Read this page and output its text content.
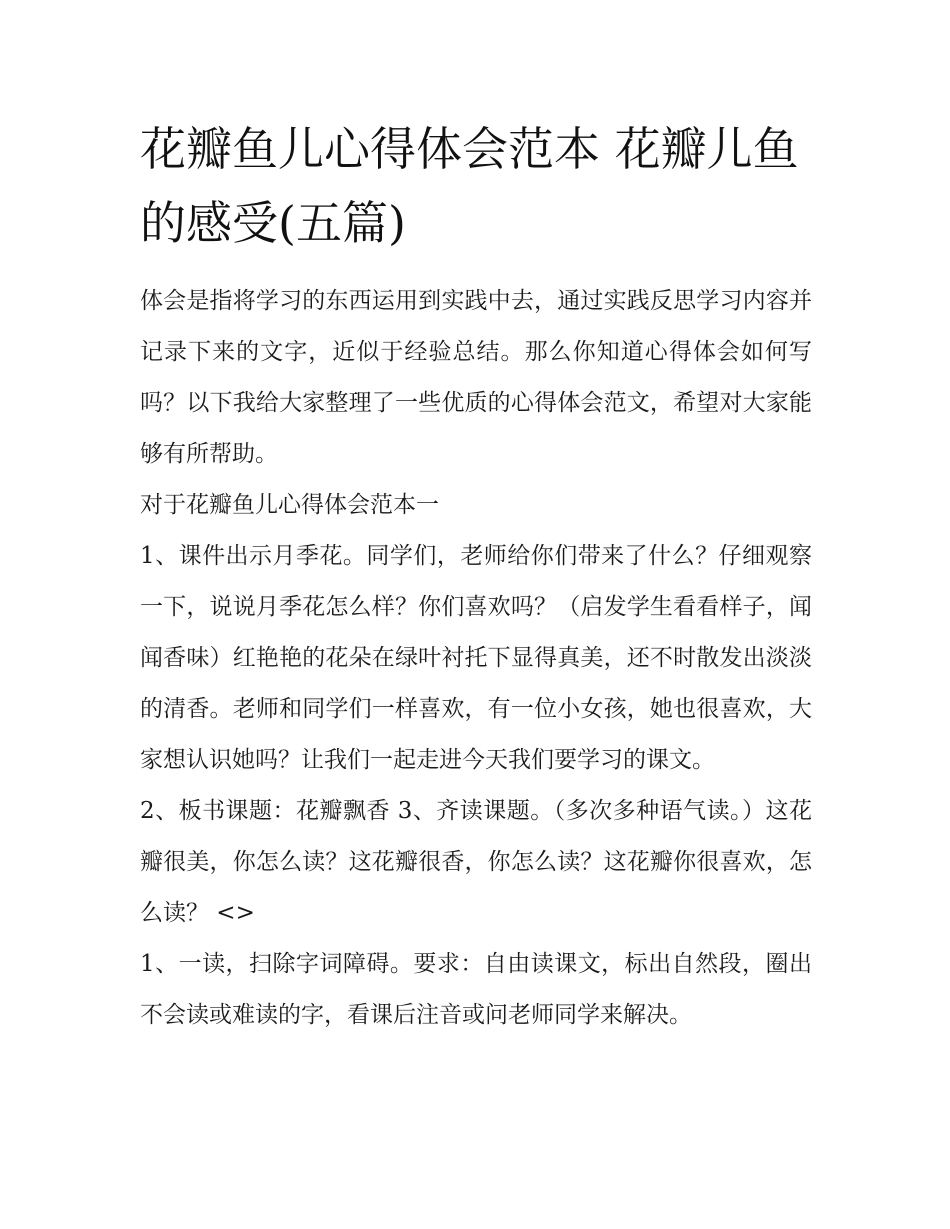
花瓣鱼儿心得体会范本 花瓣儿鱼的感受(五篇)

体会是指将学习的东西运用到实践中去，通过实践反思学习内容并记录下来的文字，近似于经验总结。那么你知道心得体会如何写吗？以下我给大家整理了一些优质的心得体会范文，希望对大家能够有所帮助。

对于花瓣鱼儿心得体会范本一

1、课件出示月季花。同学们，老师给你们带来了什么？仔细观察一下，说说月季花怎么样？你们喜欢吗？（启发学生看看样子，闻闻香味）红艳艳的花朵在绿叶衬托下显得真美，还不时散发出淡淡的清香。老师和同学们一样喜欢，有一位小女孩，她也很喜欢，大家想认识她吗？让我们一起走进今天我们要学习的课文。

2、板书课题：花瓣飘香 3、齐读课题。（多次多种语气读。）这花瓣很美，你怎么读？这花瓣很香，你怎么读？这花瓣你很喜欢，怎么读？ <>

1、一读，扫除字词障碍。要求：自由读课文，标出自然段，圈出不会读或难读的字，看课后注音或问老师同学来解决。
